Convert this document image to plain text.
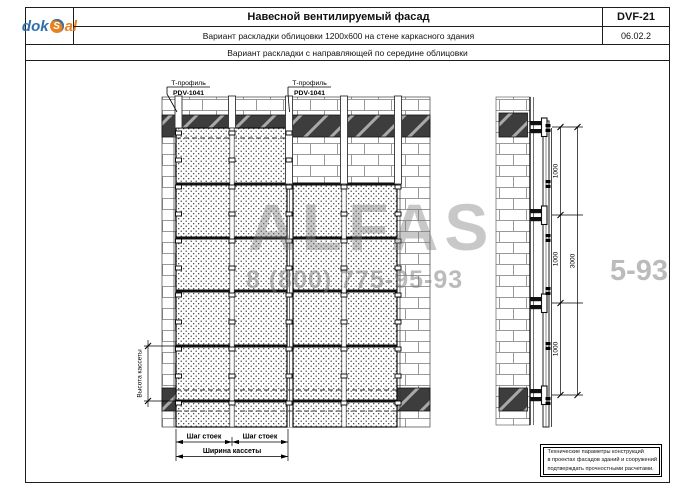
dok S al
Навесной вентилируемый фасад	DVF-21
Вариант раскладки облицовки 1200х600 на стене каркасного здания	06.02.2
Вариант раскладки с направляющей по середине облицовки
Т-профиль
PDV-1041
Т-профиль
PDV-1041
Высота кассеты
Шаг стоек	Шаг стоек
Ширина кассеты
1000
1000
1000
3000
ALFAS
8 (800) 775-95-93	5-93
Технические параметры конструкций
в проектах фасадов зданий и сооружений
подтверждать прочностными расчетами.
